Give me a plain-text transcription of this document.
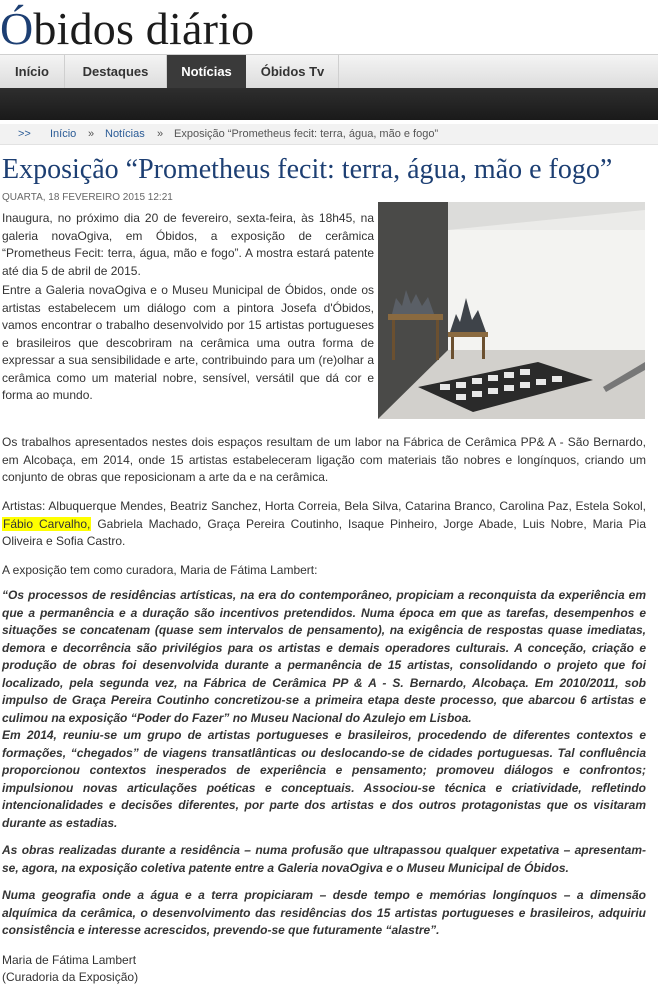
Óbidos diário
Início	Destaques	Notícias	Óbidos Tv
>> Início » Notícias » Exposição “Prometheus fecit: terra, água, mão e fogo”
Exposição “Prometheus fecit: terra, água, mão e fogo”
QUARTA, 18 FEVEREIRO 2015 12:21

Inaugura, no próximo dia 20 de fevereiro, sexta-feira, às 18h45, na galeria novaOgiva, em Óbidos, a exposição de cerâmica “Prometheus Fecit: terra, água, mão e fogo”. A mostra estará patente até dia 5 de abril de 2015.

Entre a Galeria novaOgiva e o Museu Municipal de Óbidos, onde os artistas estabelecem um diálogo com a pintora Josefa d'Óbidos, vamos encontrar o trabalho desenvolvido por 15 artistas portugueses e brasileiros que descobriram na cerâmica uma outra forma de expressar a sua sensibilidade e arte, contribuindo para um (re)olhar a cerâmica como um material nobre, sensível, versátil que dá cor e forma ao mundo.

Os trabalhos apresentados nestes dois espaços resultam de um labor na Fábrica de Cerâmica PP& A - São Bernardo, em Alcobaça, em 2014, onde 15 artistas estabeleceram ligação com materiais tão nobres e longínquos, criando um conjunto de obras que reposicionam a arte da e na cerâmica.

Artistas: Albuquerque Mendes, Beatriz Sanchez, Horta Correia, Bela Silva, Catarina Branco, Carolina Paz, Estela Sokol, Fábio Carvalho, Gabriela Machado, Graça Pereira Coutinho, Isaque Pinheiro, Jorge Abade, Luis Nobre, Maria Pia Oliveira e Sofia Castro.

A exposição tem como curadora, Maria de Fátima Lambert:

“Os processos de residências artísticas, na era do contemporâneo, propiciam a reconquista da experiência em que a permanência e a duração são incentivos pretendidos. Numa época em que as tarefas, desempenhos e situações se concatenam (quase sem intervalos de pensamento), na exigência de respostas quase imediatas, demora e decorrência são privilégios para os artistas e demais operadores culturais. A conceção, criação e produção de obras foi desenvolvida durante a permanência de 15 artistas, consolidando o projeto que foi localizado, pela segunda vez, na Fábrica de Cerâmica PP & A - S. Bernardo, Alcobaça. Em 2010/2011, sob impulso de Graça Pereira Coutinho concretizou-se a primeira etapa deste processo, que abarcou 6 artistas e culimou na exposição “Poder do Fazer” no Museu Nacional do Azulejo em Lisboa.

Em 2014, reuniu-se um grupo de artistas portugueses e brasileiros, procedendo de diferentes contextos e formações, “chegados” de viagens transatlânticas ou deslocando-se de cidades portuguesas. Tal confluência proporcionou contextos inesperados de experiência e pensamento; promoveu diálogos e confrontos; impulsionou novas articulações poéticas e conceptuais. Associou-se técnica e criatividade, refletindo intencionalidades e decisões diferentes, por parte dos artistas e dos outros protagonistas que os visitaram durante as estadias.

As obras realizadas durante a residência – numa profusão que ultrapassou qualquer expetativa – apresentam-se, agora, na exposição coletiva patente entre a Galeria novaOgiva e o Museu Municipal de Óbidos.

Numa geografia onde a água e a terra propiciaram – desde tempo e memórias longínquos – a dimensão alquímica da cerâmica, o desenvolvimento das residências dos 15 artistas portugueses e brasileiros, adquiriu consistência e interesse acrescidos, prevendo-se que futuramente “alastre”.

Maria de Fátima Lambert
(Curadoria da Exposição)
